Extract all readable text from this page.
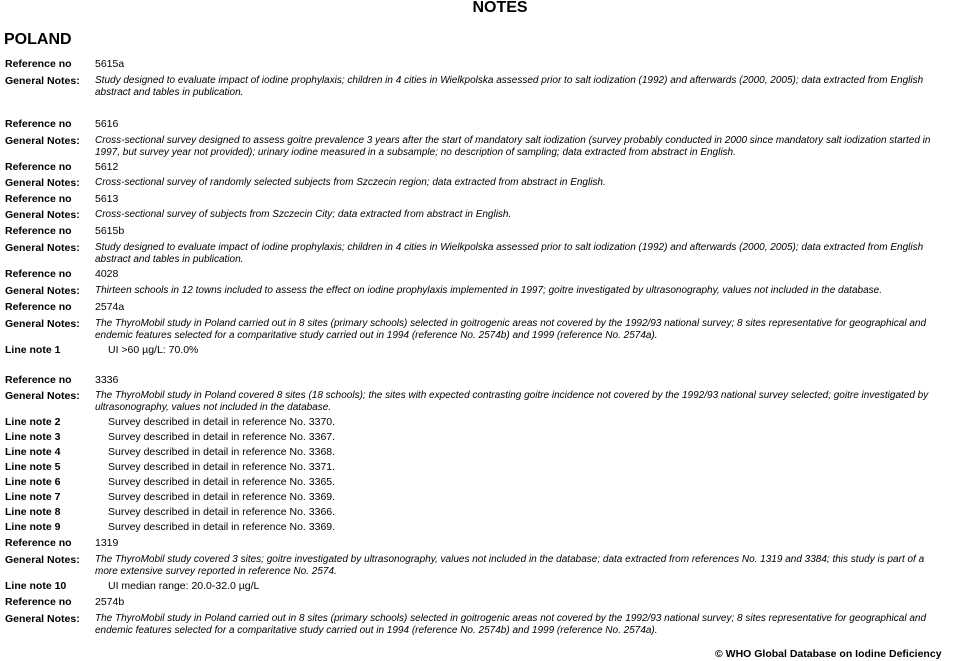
NOTES
POLAND
Reference no 5615a
General Notes: Study designed to evaluate impact of iodine prophylaxis; children in 4 cities in Wielkpolska assessed prior to salt iodization (1992) and afterwards (2000, 2005); data extracted from English abstract and tables in publication.
Reference no 5616
General Notes: Cross-sectional survey designed to assess goitre prevalence 3 years after the start of mandatory salt iodization (survey probably conducted in 2000 since mandatory salt iodization started in 1997, but survey year not provided); urinary iodine measured in a subsample; no description of sampling; data extracted from abstract in English.
Reference no 5612
General Notes: Cross-sectional survey of randomly selected subjects from Szczecin region; data extracted from abstract in English.
Reference no 5613
General Notes: Cross-sectional survey of subjects from Szczecin City; data extracted from abstract in English.
Reference no 5615b
General Notes: Study designed to evaluate impact of iodine prophylaxis; children in 4 cities in Wielkpolska assessed prior to salt iodization (1992) and afterwards (2000, 2005); data extracted from English abstract and tables in publication.
Reference no 4028
General Notes: Thirteen schools in 12 towns included to assess the effect on iodine prophylaxis implemented in 1997; goitre investigated by ultrasonography, values not included in the database.
Reference no 2574a
General Notes: The ThyroMobil study in Poland carried out in 8 sites (primary schools) selected in goitrogenic areas not covered by the 1992/93 national survey; 8 sites representative for geographical and endemic features selected for a comparitative study carried out in 1994 (reference No. 2574b) and 1999 (reference No. 2574a).
Line note 1	UI >60 µg/L: 70.0%
Reference no 3336
General Notes: The ThyroMobil study in Poland covered 8 sites (18 schools); the sites with expected contrasting goitre incidence not covered by the 1992/93 national survey selected; goitre investigated by ultrasonography, values not included in the database.
Line note 2	Survey described in detail in reference No. 3370.
Line note 3	Survey described in detail in reference No. 3367.
Line note 4	Survey described in detail in reference No. 3368.
Line note 5	Survey described in detail in reference No. 3371.
Line note 6	Survey described in detail in reference No. 3365.
Line note 7	Survey described in detail in reference No. 3369.
Line note 8	Survey described in detail in reference No. 3366.
Line note 9	Survey described in detail in reference No. 3369.
Reference no 1319
General Notes: The ThyroMobil study covered 3 sites; goitre investigated by ultrasonography, values not included in the database; data extracted from references No. 1319 and 3384; this study is part of a more extensive survey reported in reference No. 2574.
Line note 10	UI median range: 20.0-32.0 µg/L
Reference no 2574b
General Notes: The ThyroMobil study in Poland carried out in 8 sites (primary schools) selected in goitrogenic areas not covered by the 1992/93 national survey; 8 sites representative for geographical and endemic features selected for a comparitative study carried out in 1994 (reference No. 2574b) and 1999 (reference No. 2574a).
© WHO Global Database on Iodine Deficiency
